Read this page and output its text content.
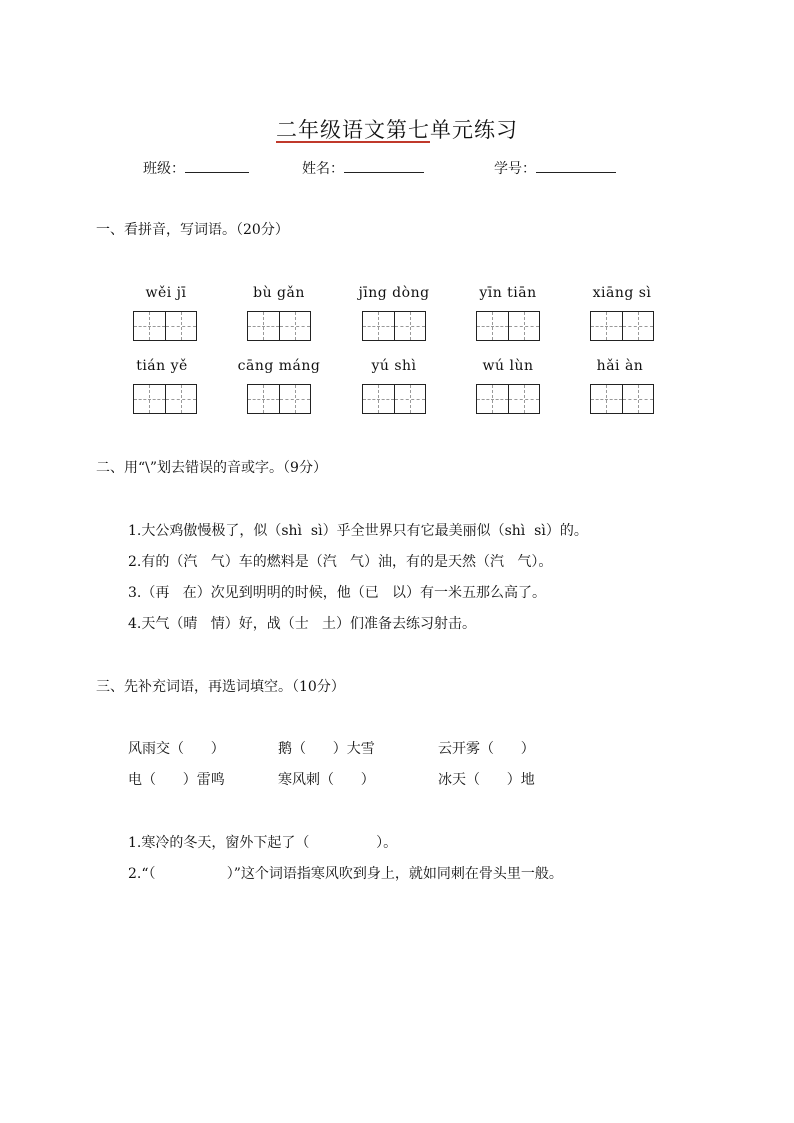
二年级语文第七单元练习
班级：	姓名：	学号：
一、看拼音，写词语。（20分）
wěi jī	bù gǎn	jīng dòng	yīn tiān	xiāng sì
tián yě	cāng máng	yú shì	wú lùn	hǎi àn
二、用“\”划去错误的音或字。（9分）
1.大公鸡傲慢极了，似（shì  sì）乎全世界只有它最美丽似（shì  sì）的。
2.有的（汽   气）车的燃料是（汽   气）油，有的是天然（汽   气）。
3.（再   在）次见到明明的时候，他（已   以）有一米五那么高了。
4.天气（晴   情）好，战（士   土）们准备去练习射击。
三、先补充词语，再选词填空。（10分）
风雨交（      ）	鹅（      ）大雪	云开雾（      ）
电（      ）雷鸣	寒风刺（      ）	冰天（      ）地
1.寒冷的冬天，窗外下起了（               ）。
2.“（                ）”这个词语指寒风吹到身上，就如同刺在骨头里一般。
